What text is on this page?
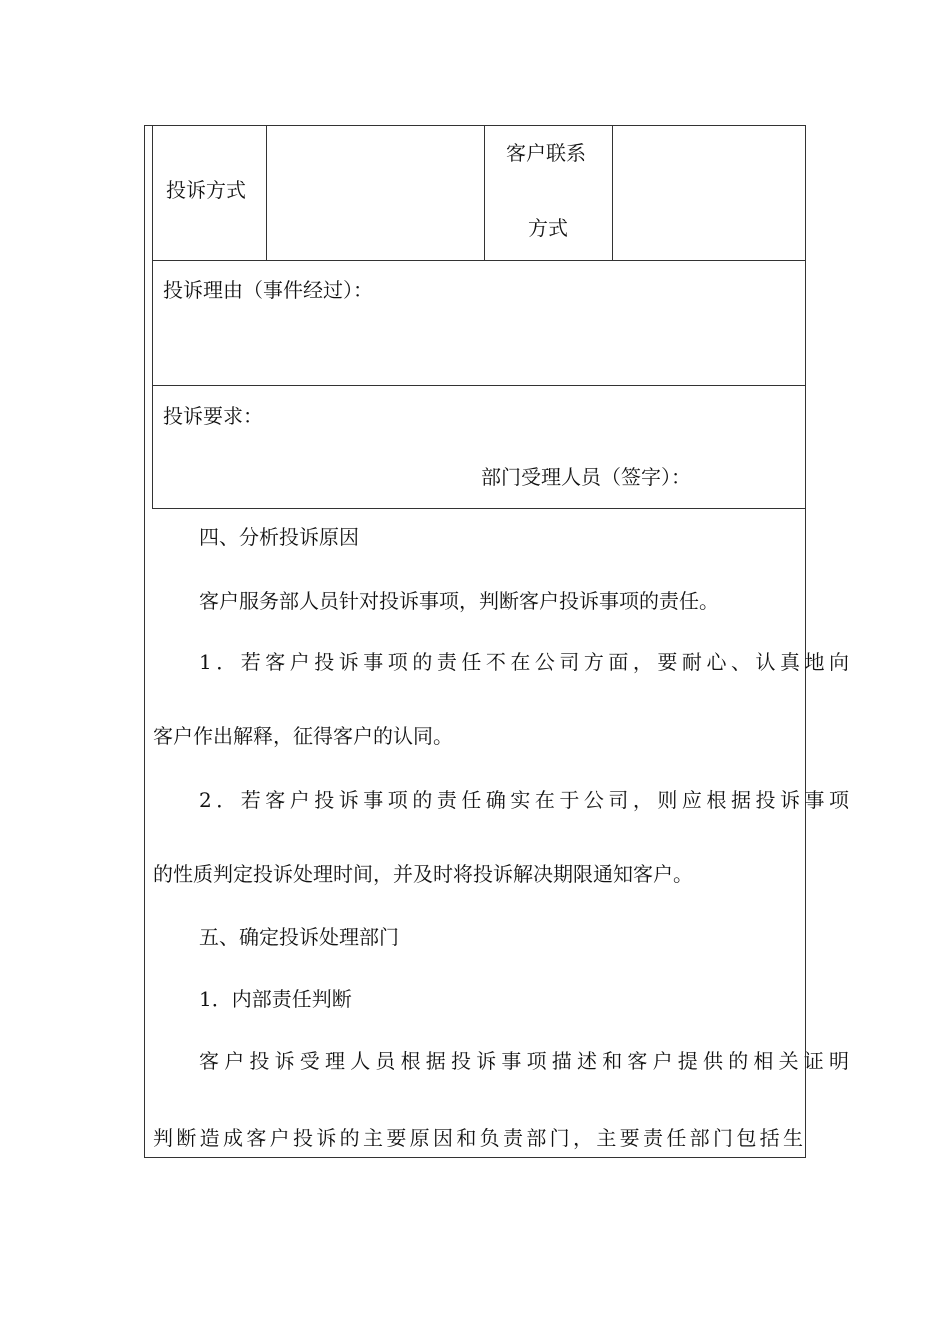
投诉方式
客户联系
方式
投诉理由（事件经过）：
投诉要求：
部门受理人员（签字）：
四、分析投诉原因
客户服务部人员针对投诉事项，判断客户投诉事项的责任。
1．若客户投诉事项的责任不在公司方面，要耐心、认真地向
客户作出解释，征得客户的认同。
2．若客户投诉事项的责任确实在于公司，则应根据投诉事项
的性质判定投诉处理时间，并及时将投诉解决期限通知客户。
五、确定投诉处理部门
1．内部责任判断
客户投诉受理人员根据投诉事项描述和客户提供的相关证明
判断造成客户投诉的主要原因和负责部门，主要责任部门包括生
